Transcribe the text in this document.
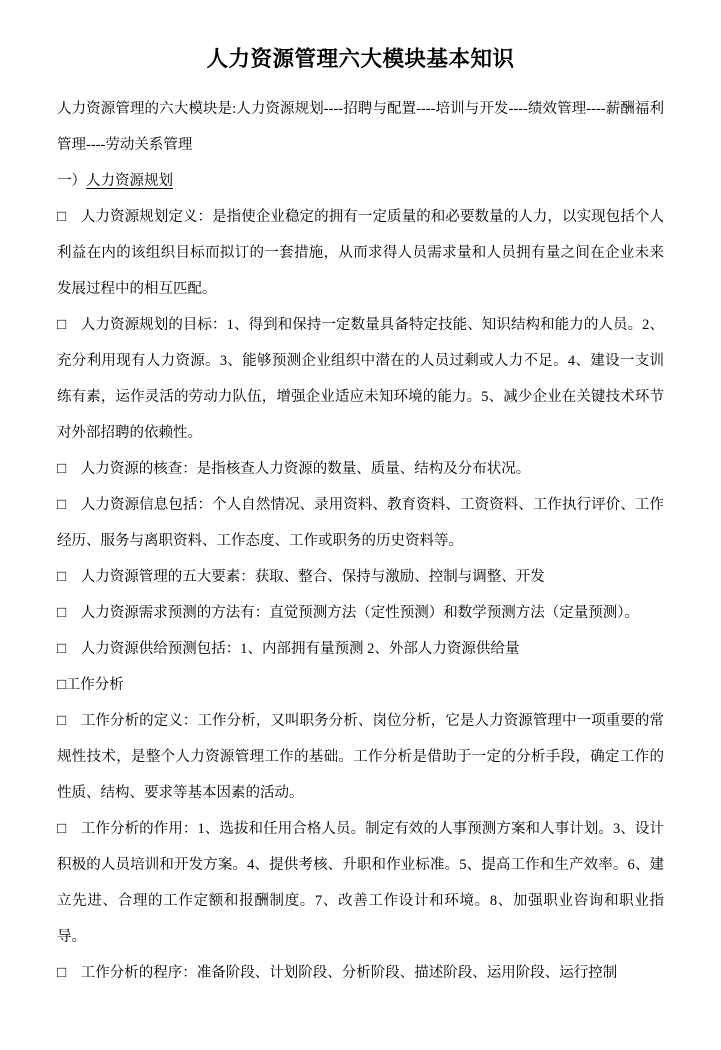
人力资源管理六大模块基本知识

人力资源管理的六大模块是:人力资源规划----招聘与配置----培训与开发----绩效管理----薪酬福利管理----劳动关系管理

一）人力资源规划

□ 人力资源规划定义：是指使企业稳定的拥有一定质量的和必要数量的人力，以实现包括个人利益在内的该组织目标而拟订的一套措施，从而求得人员需求量和人员拥有量之间在企业未来发展过程中的相互匹配。

□ 人力资源规划的目标：1、得到和保持一定数量具备特定技能、知识结构和能力的人员。2、充分利用现有人力资源。3、能够预测企业组织中潜在的人员过剩或人力不足。4、建设一支训练有素，运作灵活的劳动力队伍，增强企业适应未知环境的能力。5、减少企业在关键技术环节对外部招聘的依赖性。

□ 人力资源的核查：是指核查人力资源的数量、质量、结构及分布状况。

□ 人力资源信息包括：个人自然情况、录用资料、教育资料、工资资料、工作执行评价、工作经历、服务与离职资料、工作态度、工作或职务的历史资料等。

□ 人力资源管理的五大要素：获取、整合、保持与激励、控制与调整、开发

□ 人力资源需求预测的方法有：直觉预测方法（定性预测）和数学预测方法（定量预测）。

□ 人力资源供给预测包括：1、内部拥有量预测 2、外部人力资源供给量

□工作分析

□ 工作分析的定义：工作分析，又叫职务分析、岗位分析，它是人力资源管理中一项重要的常规性技术，是整个人力资源管理工作的基础。工作分析是借助于一定的分析手段，确定工作的性质、结构、要求等基本因素的活动。

□ 工作分析的作用：1、选拔和任用合格人员。制定有效的人事预测方案和人事计划。3、设计积极的人员培训和开发方案。4、提供考核、升职和作业标准。5、提高工作和生产效率。6、建立先进、合理的工作定额和报酬制度。7、改善工作设计和环境。8、加强职业咨询和职业指导。

□ 工作分析的程序：准备阶段、计划阶段、分析阶段、描述阶段、运用阶段、运行控制
